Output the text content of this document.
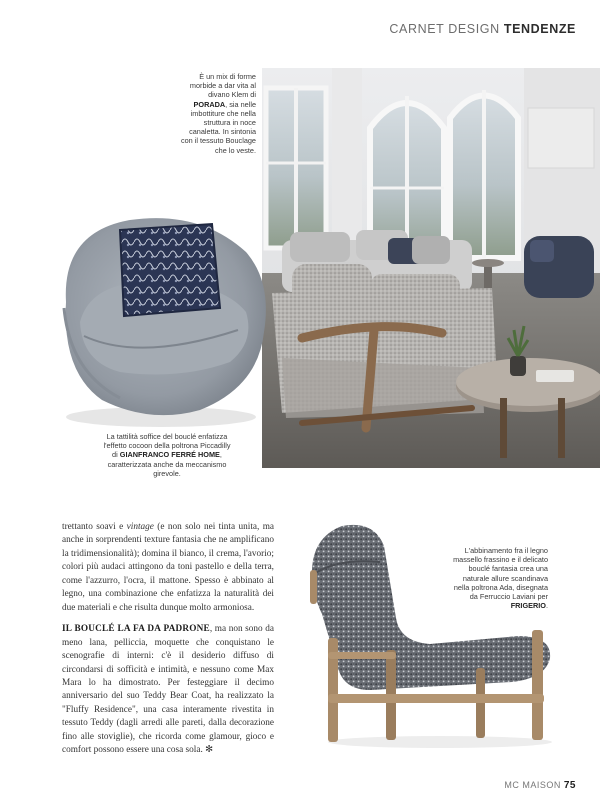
CARNET DESIGN TENDENZE
È un mix di forme morbide a dar vita al divano Klem di PORADA, sia nelle imbottiture che nella struttura in noce canaletta. In sintonia con il tessuto Bouclage che lo veste.
La tattilità soffice del bouclé enfatizza l'effetto cocoon della poltrona Piccadilly di GIANFRANCO FERRÉ HOME, caratterizzata anche da meccanismo girevole.

trettanto soavi e vintage (e non solo nei tinta unita, ma anche in sorprendenti texture fantasia che ne amplificano la tridimensionalità); domina il bianco, il crema, l'avorio; colori più audaci attingono da toni pastello e della terra, come l'azzurro, l'ocra, il mattone. Spesso è abbinato al legno, una combinazione che enfatizza la naturalità dei due materiali e che risulta dunque molto armoniosa.

IL BOUCLÉ LA FA DA PADRONE, ma non sono da meno lana, pelliccia, moquette che conquistano le scenografie di interni: c'è il desiderio diffuso di circondarsi di sofficità e intimità, e nessuno come Max Mara lo ha dimostrato. Per festeggiare il decimo anniversario del suo Teddy Bear Coat, ha realizzato la "Fluffy Residence", una casa interamente rivestita in tessuto Teddy (dagli arredi alle pareti, dalla decorazione fino alle stoviglie), che ricorda come glamour, gioco e comfort possono essere una cosa sola. ✻

L'abbinamento fra il legno massello frassino e il delicato bouclé fantasia crea una naturale allure scandinava nella poltrona Ada, disegnata da Ferruccio Laviani per FRIGERIO.
MC MAISON 75
